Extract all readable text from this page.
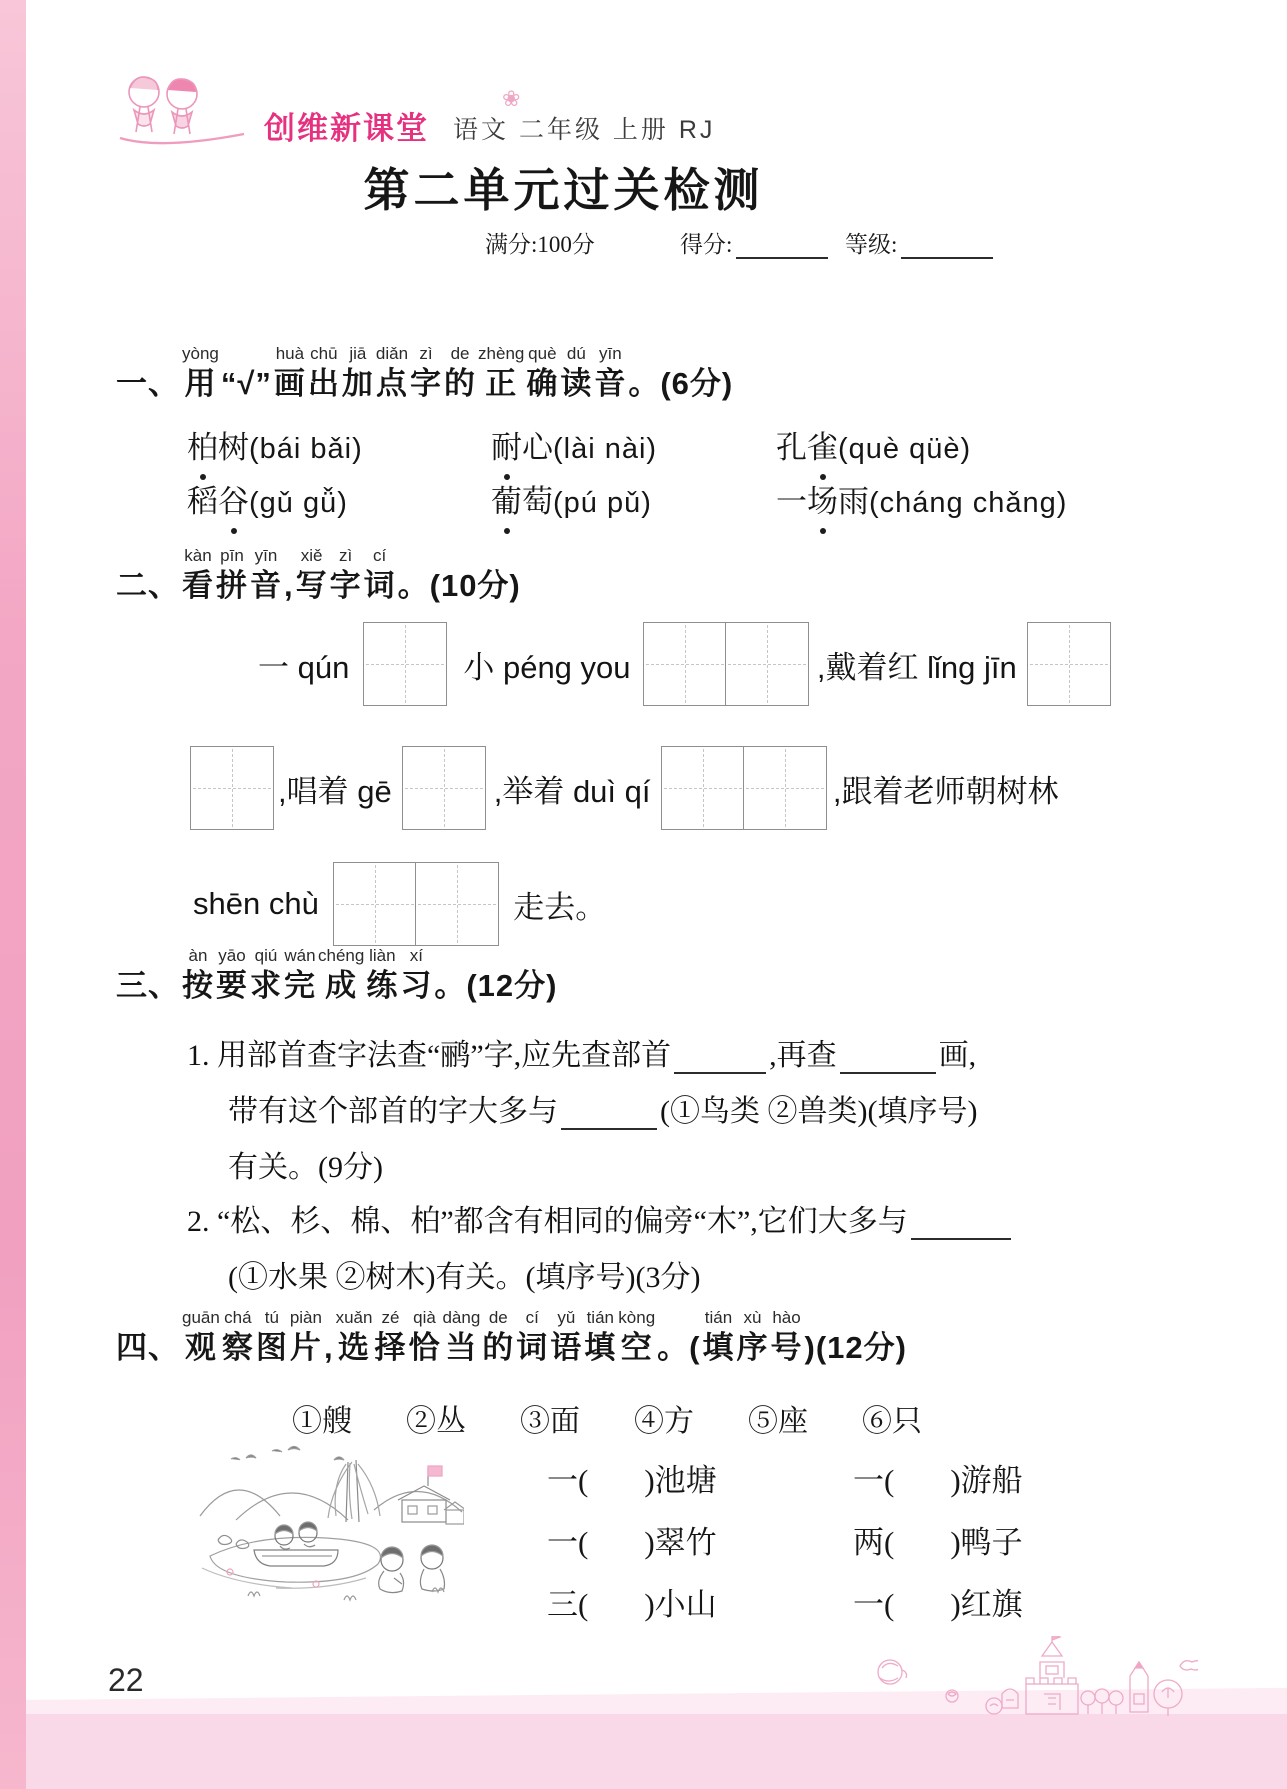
创维新课堂 语文 二年级 上册 RJ
❀
第二单元过关检测
满分:100分	得分:	等级:

一、
yòng
用
“√”
huà
画
chū
出
jiā
加
diǎn
点
zì
字
de
的
zhèng
正
què
确
dú
读
yīn
音
。(6分)
柏树(bái bǎi)	耐心(lài nài)	孔雀(què qüè)
稻谷(gǔ gǚ)	葡萄(pú pǔ)	一场雨(cháng chǎng)

二、
kàn
看
pīn
拼
yīn
音
,
xiě
写
zì
字
cí
词
。(10分)
一 qún	小 péng you	,戴着红 lǐng jīn
,唱着 gē	,举着 duì qí	,跟着老师朝树林
shēn chù	走去。

三、
àn
按
yāo
要
qiú
求
wán
完
chéng
成
liàn
练
xí
习
。(12分)
1. 用部首查字法查“鹂”字,应先查部首	,再查	画,
带有这个部首的字大多与	(①鸟类 ②兽类)(填序号)
有关。(9分)
2. “松、杉、棉、柏”都含有相同的偏旁“木”,它们大多与
(①水果 ②树木)有关。(填序号)(3分)

四、
guān
观
chá
察
tú
图
piàn
片
,
xuǎn
选
zé
择
qià
恰
dàng
当
de
的
cí
词
yǔ
语
tián
填
kòng
空
。(
tián
填
xù
序
hào
号
)(12分)
①艘 ②丛 ③面 ④方 ⑤座 ⑥只
一( )池塘	一( )游船
一( )翠竹	两( )鸭子
三( )小山	一( )红旗
22
